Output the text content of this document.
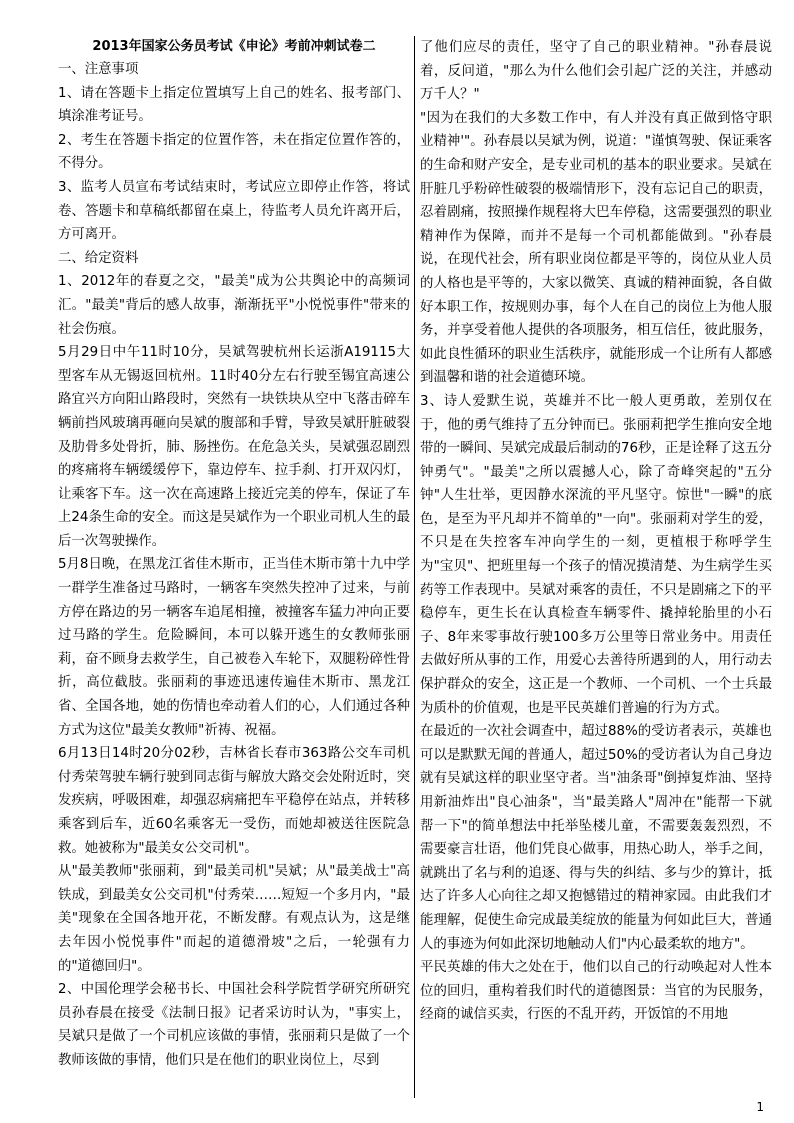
2013年国家公务员考试《申论》考前冲刺试卷二

一、注意事项

1、请在答题卡上指定位置填写上自己的姓名、报考部门、填涂准考证号。

2、考生在答题卡指定的位置作答，未在指定位置作答的，不得分。

3、监考人员宣布考试结束时，考试应立即停止作答，将试卷、答题卡和草稿纸都留在桌上，待监考人员允许离开后，方可离开。

二、给定资料

1、2012年的春夏之交，"最美"成为公共舆论中的高频词汇。"最美"背后的感人故事，渐渐抚平"小悦悦事件"带来的社会伤痕。

5月29日中午11时10分，吴斌驾驶杭州长运浙A19115大型客车从无锡返回杭州。11时40分左右行驶至锡宜高速公路宜兴方向阳山路段时，突然有一块铁块从空中飞落击碎车辆前挡风玻璃再砸向吴斌的腹部和手臂，导致吴斌肝脏破裂及肋骨多处骨折，肺、肠挫伤。在危急关头，吴斌强忍剧烈的疼痛将车辆缓缓停下，靠边停车、拉手刹、打开双闪灯，让乘客下车。这一次在高速路上接近完美的停车，保证了车上24条生命的安全。而这是吴斌作为一个职业司机人生的最后一次驾驶操作。

5月8日晚，在黑龙江省佳木斯市，正当佳木斯市第十九中学一群学生准备过马路时，一辆客车突然失控冲了过来，与前方停在路边的另一辆客车追尾相撞，被撞客车猛力冲向正要过马路的学生。危险瞬间，本可以躲开逃生的女教师张丽莉，奋不顾身去救学生，自己被卷入车轮下，双腿粉碎性骨折，高位截肢。张丽莉的事迹迅速传遍佳木斯市、黑龙江省、全国各地，她的伤情也牵动着人们的心，人们通过各种方式为这位"最美女教师"祈祷、祝福。

6月13日14时20分02秒，吉林省长春市363路公交车司机付秀荣驾驶车辆行驶到同志街与解放大路交会处附近时，突发疾病，呼吸困难，却强忍病痛把车平稳停在站点，并转移乘客到后车，近60名乘客无一受伤，而她却被送往医院急救。她被称为"最美女公交司机"。

从"最美教师"张丽莉，到"最美司机"吴斌；从"最美战士"高铁成，到最美女公交司机"付秀荣……短短一个多月内，"最美"现象在全国各地开花，不断发酵。有观点认为，这是继去年因小悦悦事件"而起的道德滑坡"之后，一轮强有力的"道德回归"。

2、中国伦理学会秘书长、中国社会科学院哲学研究所研究员孙春晨在接受《法制日报》记者采访时认为，"事实上，吴斌只是做了一个司机应该做的事情，张丽莉只是做了一个教师该做的事情，他们只是在他们的职业岗位上，尽到

了他们应尽的责任，坚守了自己的职业精神。"孙春晨说着，反问道，"那么为什么他们会引起广泛的关注，并感动万千人？"

"因为在我们的大多数工作中，有人并没有真正做到恪守职业精神'"。孙春晨以吴斌为例，说道："谨慎驾驶、保证乘客的生命和财产安全，是专业司机的基本的职业要求。吴斌在肝脏几乎粉碎性破裂的极端情形下，没有忘记自己的职责，忍着剧痛，按照操作规程将大巴车停稳，这需要强烈的职业精神作为保障，而并不是每一个司机都能做到。"孙春晨说，在现代社会，所有职业岗位都是平等的，岗位从业人员的人格也是平等的，大家以微笑、真诚的精神面貌，各自做好本职工作，按规则办事，每个人在自己的岗位上为他人服务，并享受着他人提供的各项服务，相互信任，彼此服务，如此良性循环的职业生活秩序，就能形成一个让所有人都感到温馨和谐的社会道德环境。

3、诗人爱默生说，英雄并不比一般人更勇敢，差别仅在于，他的勇气维持了五分钟而已。张丽莉把学生推向安全地带的一瞬间、吴斌完成最后制动的76秒，正是诠释了这五分钟勇气"。"最美"之所以震撼人心，除了奇峰突起的"五分钟"人生壮举，更因静水深流的平凡坚守。惊世"一瞬"的底色，是至为平凡却并不简单的"一向"。张丽莉对学生的爱，不只是在失控客车冲向学生的一刻，更植根于称呼学生为"宝贝"、把班里每一个孩子的情况摸清楚、为生病学生买药等工作表现中。吴斌对乘客的责任，不只是剧痛之下的平稳停车，更生长在认真检查车辆零件、撬掉轮胎里的小石子、8年来零事故行驶100多万公里等日常业务中。用责任去做好所从事的工作，用爱心去善待所遇到的人，用行动去保护群众的安全，这正是一个教师、一个司机、一个士兵最为质朴的价值观，也是平民英雄们普遍的行为方式。

在最近的一次社会调查中，超过88%的受访者表示，英雄也可以是默默无闻的普通人，超过50%的受访者认为自己身边就有吴斌这样的职业坚守者。当"油条哥"倒掉复炸油、坚持用新油炸出"良心油条"，当"最美路人"周冲在"能帮一下就帮一下"的简单想法中托举坠楼儿童，不需要轰轰烈烈，不需要豪言壮语，他们凭良心做事，用热心助人，举手之间，就跳出了名与利的追逐、得与失的纠结、多与少的算计，抵达了许多人心向往之却又抱憾错过的精神家园。由此我们才能理解，促使生命完成最美绽放的能量为何如此巨大，普通人的事迹为何如此深切地触动人们"内心最柔软的地方"。

平民英雄的伟大之处在于，他们以自己的行动唤起对人性本位的回归，重构着我们时代的道德图景：当官的为民服务，经商的诚信买卖，行医的不乱开药，开饭馆的不用地

1
